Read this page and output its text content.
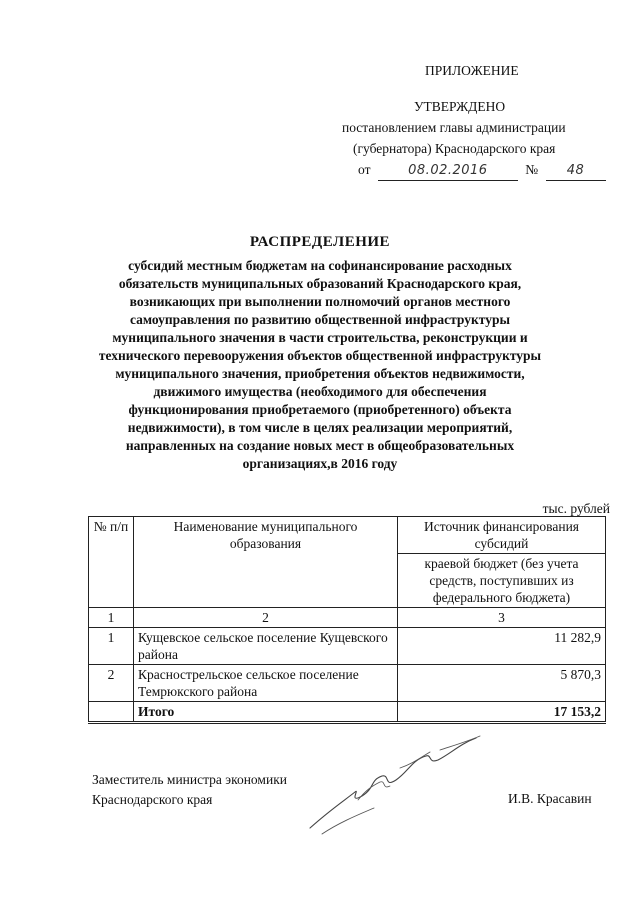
ПРИЛОЖЕНИЕ
УТВЕРЖДЕНО
постановлением главы администрации
(губернатора) Краснодарского края
от	08.02.2016	№ 48
РАСПРЕДЕЛЕНИЕ
субсидий местным бюджетам на софинансирование расходных
обязательств муниципальных образований Краснодарского края,
возникающих при выполнении полномочий органов местного
самоуправления по развитию общественной инфраструктуры
муниципального значения в части строительства, реконструкции и
технического перевооружения объектов общественной инфраструктуры
муниципального значения, приобретения объектов недвижимости,
движимого имущества (необходимого для обеспечения
функционирования приобретаемого (приобретенного) объекта
недвижимости), в том числе в целях реализации мероприятий,
направленных на создание новых мест в общеобразовательных
организациях,в 2016 году
тыс. рублей
№ п/п	Наименование муниципального образования	Источник финансирования субсидий
		краевой бюджет (без учета средств, поступивших из федерального бюджета)
1	2	3
1	Кущевское сельское поселение Кущевского района	11 282,9
2	Краснострельское сельское поселение Темрюкского района	5 870,3
	Итого	17 153,2
Заместитель министра экономики
Краснодарского края	И.В. Красавин
